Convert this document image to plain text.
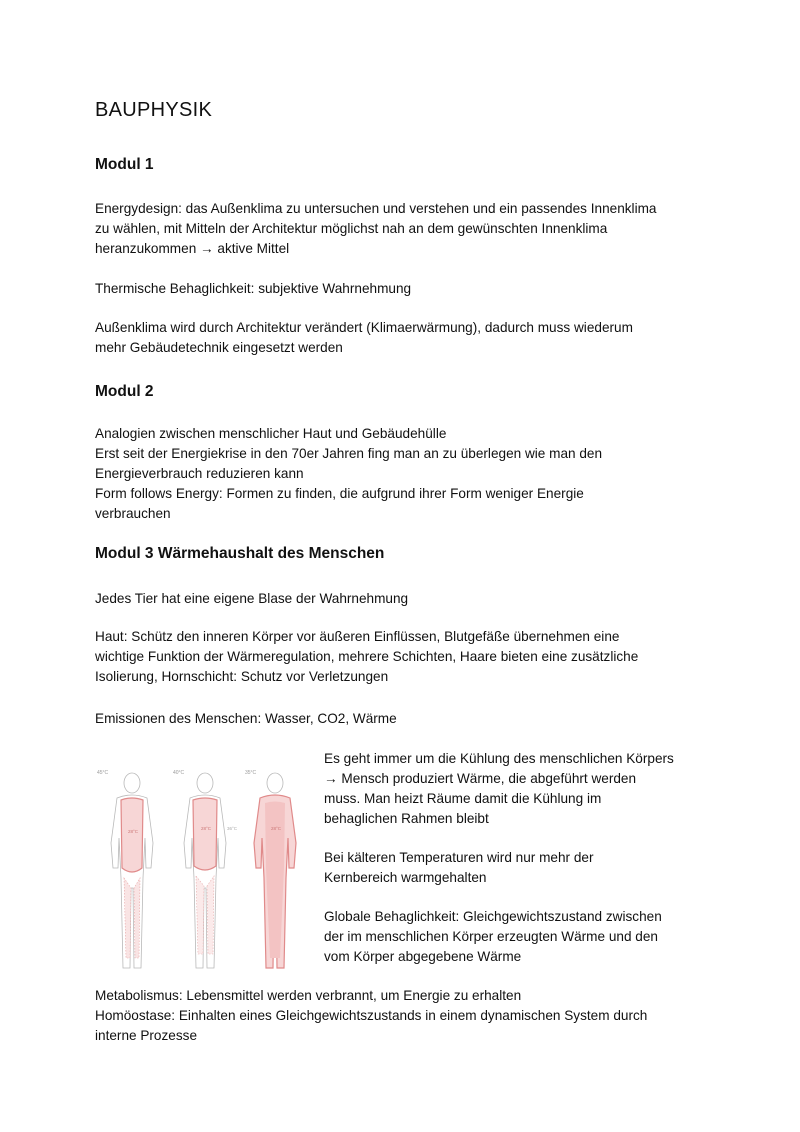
BAUPHYSIK
Modul 1
Energydesign: das Außenklima zu untersuchen und verstehen und ein passendes Innenklima
zu wählen, mit Mitteln der Architektur möglichst nah an dem gewünschten Innenklima
heranzukommen → aktive Mittel
Thermische Behaglichkeit: subjektive Wahrnehmung
Außenklima wird durch Architektur verändert (Klimaerwärmung), dadurch muss wiederum
mehr Gebäudetechnik eingesetzt werden
Modul 2
Analogien zwischen menschlicher Haut und Gebäudehülle
Erst seit der Energiekrise in den 70er Jahren fing man an zu überlegen wie man den
Energieverbrauch reduzieren kann
Form follows Energy: Formen zu finden, die aufgrund ihrer Form weniger Energie
verbrauchen
Modul 3 Wärmehaushalt des Menschen
Jedes Tier hat eine eigene Blase der Wahrnehmung
Haut: Schütz den inneren Körper vor äußeren Einflüssen, Blutgefäße übernehmen eine
wichtige Funktion der Wärmeregulation, mehrere Schichten, Haare bieten eine zusätzliche
Isolierung, Hornschicht: Schutz vor Verletzungen
Emissionen des Menschen: Wasser, CO2, Wärme
45°C	40°C	35°C
28°C
28°C	36°C	28°C
Es geht immer um die Kühlung des menschlichen Körpers
→ Mensch produziert Wärme, die abgeführt werden
muss. Man heizt Räume damit die Kühlung im
behaglichen Rahmen bleibt
Bei kälteren Temperaturen wird nur mehr der
Kernbereich warmgehalten
Globale Behaglichkeit: Gleichgewichtszustand zwischen
der im menschlichen Körper erzeugten Wärme und den
vom Körper abgegebene Wärme
Metabolismus: Lebensmittel werden verbrannt, um Energie zu erhalten
Homöostase: Einhalten eines Gleichgewichtszustands in einem dynamischen System durch
interne Prozesse
